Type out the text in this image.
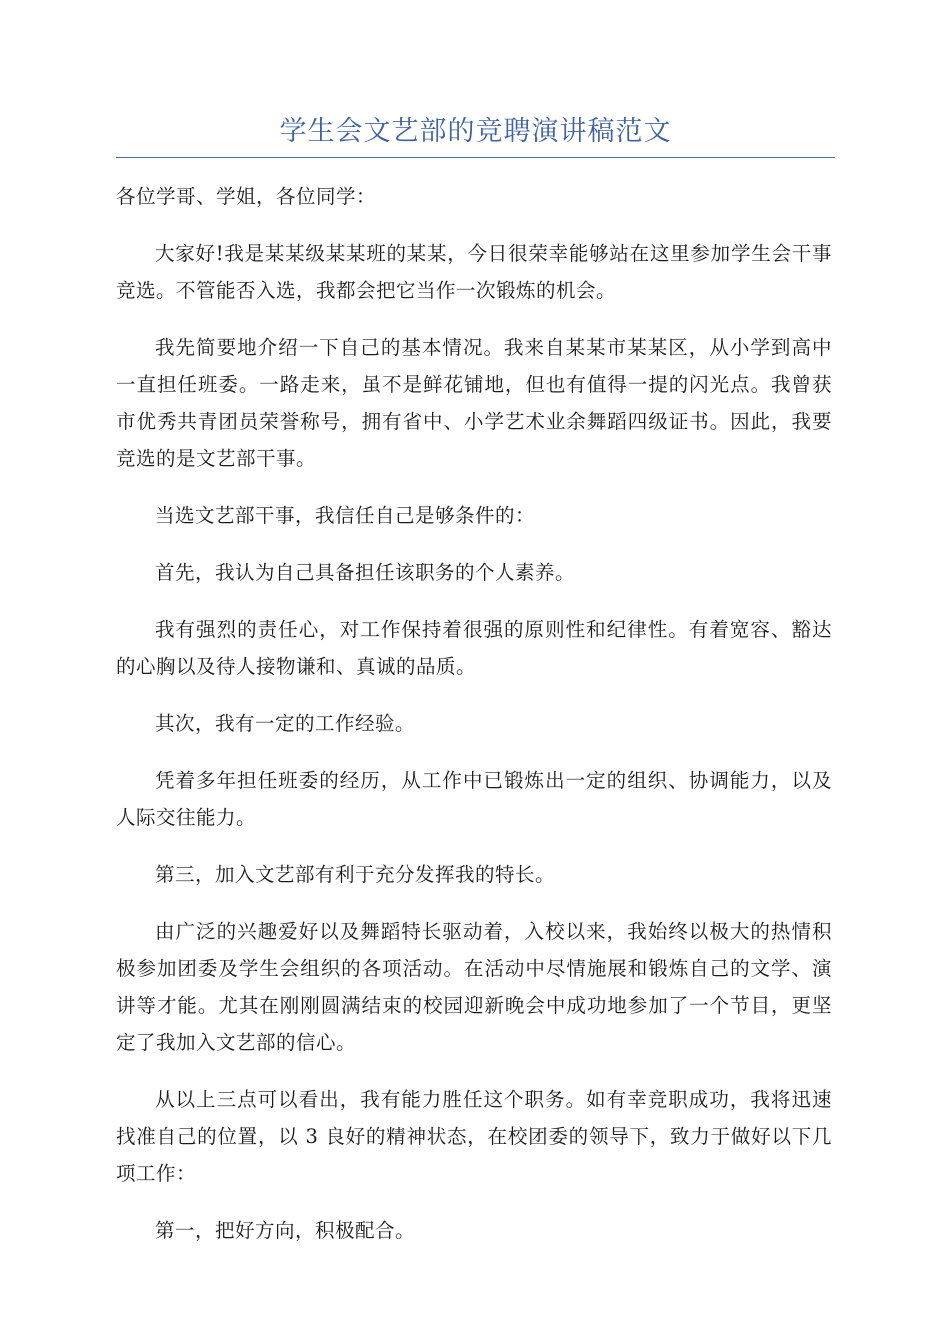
学生会文艺部的竞聘演讲稿范文

各位学哥、学姐，各位同学：

大家好!我是某某级某某班的某某，今日很荣幸能够站在这里参加学生会干事竞选。不管能否入选，我都会把它当作一次锻炼的机会。

我先简要地介绍一下自己的基本情况。我来自某某市某某区，从小学到高中一直担任班委。一路走来，虽不是鲜花铺地，但也有值得一提的闪光点。我曾获市优秀共青团员荣誉称号，拥有省中、小学艺术业余舞蹈四级证书。因此，我要竞选的是文艺部干事。

当选文艺部干事，我信任自己是够条件的：

首先，我认为自己具备担任该职务的个人素养。

我有强烈的责任心，对工作保持着很强的原则性和纪律性。有着宽容、豁达的心胸以及待人接物谦和、真诚的品质。

其次，我有一定的工作经验。

凭着多年担任班委的经历，从工作中已锻炼出一定的组织、协调能力，以及人际交往能力。

第三，加入文艺部有利于充分发挥我的特长。

由广泛的兴趣爱好以及舞蹈特长驱动着，入校以来，我始终以极大的热情积极参加团委及学生会组织的各项活动。在活动中尽情施展和锻炼自己的文学、演讲等才能。尤其在刚刚圆满结束的校园迎新晚会中成功地参加了一个节目，更坚定了我加入文艺部的信心。

从以上三点可以看出，我有能力胜任这个职务。如有幸竞职成功，我将迅速找准自己的位置，以 3 良好的精神状态，在校团委的领导下，致力于做好以下几项工作：

第一，把好方向，积极配合。
